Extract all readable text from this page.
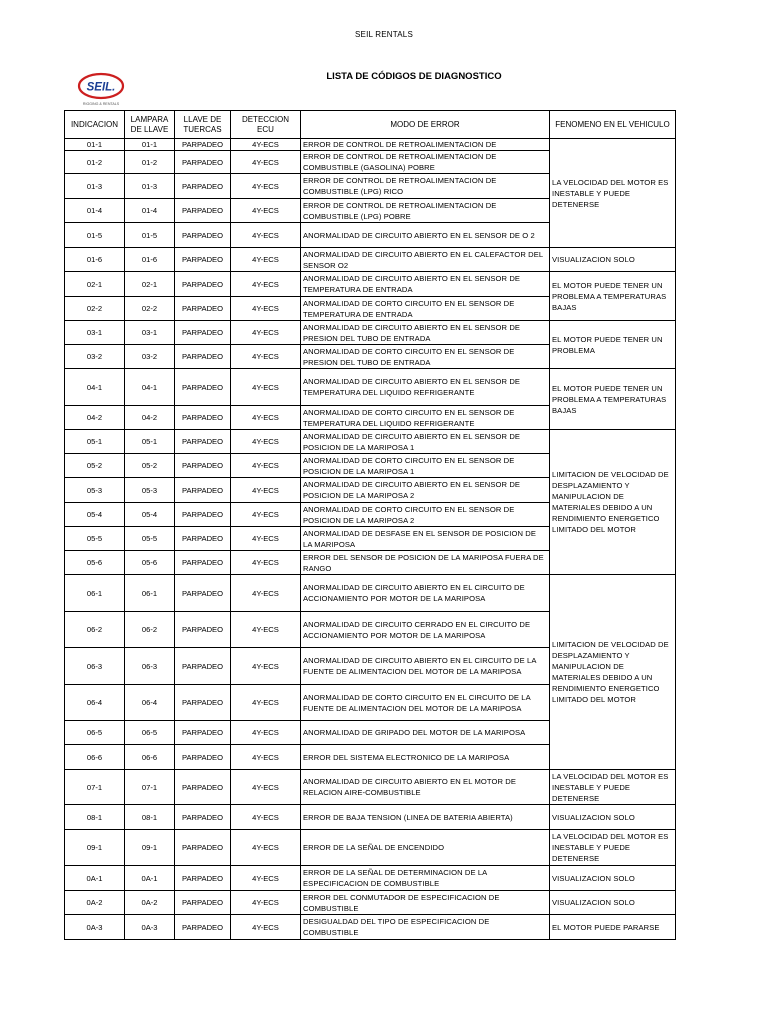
SEIL RENTALS
SEIL.
RIGGING & RENTALS
LISTA DE CÓDIGOS DE DIAGNOSTICO
INDICACION	LAMPARA DE LLAVE	LLAVE DE TUERCAS	DETECCION ECU	MODO DE ERROR	FENOMENO EN EL VEHICULO
01-1	01-1	PARPADEO	4Y-ECS	ERROR DE CONTROL DE RETROALIMENTACION DE	LA VELOCIDAD DEL MOTOR ES INESTABLE Y PUEDE DETENERSE
01-2	01-2	PARPADEO	4Y-ECS	ERROR DE CONTROL DE RETROALIMENTACION DE COMBUSTIBLE (GASOLINA) POBRE	
01-3	01-3	PARPADEO	4Y-ECS	ERROR DE CONTROL DE RETROALIMENTACION DE COMBUSTIBLE (LPG) RICO	
01-4	01-4	PARPADEO	4Y-ECS	ERROR DE CONTROL DE RETROALIMENTACION DE COMBUSTIBLE (LPG) POBRE	
01-5	01-5	PARPADEO	4Y-ECS	ANORMALIDAD DE CIRCUITO ABIERTO EN EL SENSOR DE O 2	
01-6	01-6	PARPADEO	4Y-ECS	ANORMALIDAD DE CIRCUITO ABIERTO EN EL CALEFACTOR DEL SENSOR O2	VISUALIZACION SOLO
02-1	02-1	PARPADEO	4Y-ECS	ANORMALIDAD DE CIRCUITO ABIERTO EN EL SENSOR DE TEMPERATURA DE ENTRADA	EL MOTOR PUEDE TENER UN PROBLEMA A TEMPERATURAS BAJAS
02-2	02-2	PARPADEO	4Y-ECS	ANORMALIDAD DE CORTO CIRCUITO EN EL SENSOR DE TEMPERATURA DE ENTRADA	
03-1	03-1	PARPADEO	4Y-ECS	ANORMALIDAD DE CIRCUITO ABIERTO EN EL SENSOR DE PRESION DEL TUBO DE ENTRADA	EL MOTOR PUEDE TENER UN PROBLEMA
03-2	03-2	PARPADEO	4Y-ECS	ANORMALIDAD DE CORTO CIRCUITO EN EL SENSOR DE PRESION DEL TUBO DE ENTRADA	
04-1	04-1	PARPADEO	4Y-ECS	ANORMALIDAD DE CIRCUITO ABIERTO EN EL SENSOR DE TEMPERATURA DEL LIQUIDO REFRIGERANTE	EL MOTOR PUEDE TENER UN PROBLEMA A TEMPERATURAS BAJAS
04-2	04-2	PARPADEO	4Y-ECS	ANORMALIDAD DE CORTO CIRCUITO EN EL SENSOR DE TEMPERATURA DEL LIQUIDO REFRIGERANTE	
05-1	05-1	PARPADEO	4Y-ECS	ANORMALIDAD DE CIRCUITO ABIERTO EN EL SENSOR DE POSICION DE LA MARIPOSA 1	LIMITACION DE VELOCIDAD DE DESPLAZAMIENTO Y MANIPULACION DE MATERIALES DEBIDO A UN RENDIMIENTO ENERGETICO LIMITADO DEL MOTOR
05-2	05-2	PARPADEO	4Y-ECS	ANORMALIDAD DE CORTO CIRCUITO EN EL SENSOR DE POSICION DE LA MARIPOSA 1	
05-3	05-3	PARPADEO	4Y-ECS	ANORMALIDAD DE CIRCUITO ABIERTO EN EL SENSOR DE POSICION DE LA MARIPOSA 2	
05-4	05-4	PARPADEO	4Y-ECS	ANORMALIDAD DE CORTO CIRCUITO EN EL SENSOR DE POSICION DE LA MARIPOSA 2	
05-5	05-5	PARPADEO	4Y-ECS	ANORMALIDAD DE DESFASE EN EL SENSOR DE POSICION DE LA MARIPOSA	
05-6	05-6	PARPADEO	4Y-ECS	ERROR DEL SENSOR DE POSICION DE LA MARIPOSA FUERA DE RANGO	
06-1	06-1	PARPADEO	4Y-ECS	ANORMALIDAD DE CIRCUITO ABIERTO EN EL CIRCUITO DE ACCIONAMIENTO POR MOTOR DE LA MARIPOSA	LIMITACION DE VELOCIDAD DE DESPLAZAMIENTO Y MANIPULACION DE MATERIALES DEBIDO A UN RENDIMIENTO ENERGETICO LIMITADO DEL MOTOR
06-2	06-2	PARPADEO	4Y-ECS	ANORMALIDAD DE CIRCUITO CERRADO EN EL CIRCUITO DE ACCIONAMIENTO POR MOTOR DE LA MARIPOSA	
06-3	06-3	PARPADEO	4Y-ECS	ANORMALIDAD DE CIRCUITO ABIERTO EN EL CIRCUITO DE LA FUENTE DE ALIMENTACION DEL MOTOR DE LA MARIPOSA	
06-4	06-4	PARPADEO	4Y-ECS	ANORMALIDAD DE CORTO CIRCUITO EN EL CIRCUITO DE LA FUENTE DE ALIMENTACION DEL MOTOR DE LA MARIPOSA	
06-5	06-5	PARPADEO	4Y-ECS	ANORMALIDAD DE GRIPADO DEL MOTOR DE LA MARIPOSA	
06-6	06-6	PARPADEO	4Y-ECS	ERROR DEL SISTEMA ELECTRONICO DE LA MARIPOSA	
07-1	07-1	PARPADEO	4Y-ECS	ANORMALIDAD DE CIRCUITO ABIERTO EN EL MOTOR DE RELACION AIRE-COMBUSTIBLE	LA VELOCIDAD DEL MOTOR ES INESTABLE Y PUEDE DETENERSE
08-1	08-1	PARPADEO	4Y-ECS	ERROR DE BAJA TENSION (LINEA DE BATERIA ABIERTA)	VISUALIZACION SOLO
09-1	09-1	PARPADEO	4Y-ECS	ERROR DE LA SEÑAL DE ENCENDIDO	LA VELOCIDAD DEL MOTOR ES INESTABLE Y PUEDE DETENERSE
0A-1	0A-1	PARPADEO	4Y-ECS	ERROR DE LA SEÑAL DE DETERMINACION DE LA ESPECIFICACION DE COMBUSTIBLE	VISUALIZACION SOLO
0A-2	0A-2	PARPADEO	4Y-ECS	ERROR DEL CONMUTADOR DE ESPECIFICACION DE COMBUSTIBLE	VISUALIZACION SOLO
0A-3	0A-3	PARPADEO	4Y-ECS	DESIGUALDAD DEL TIPO DE ESPECIFICACION DE COMBUSTIBLE	EL MOTOR PUEDE PARARSE
